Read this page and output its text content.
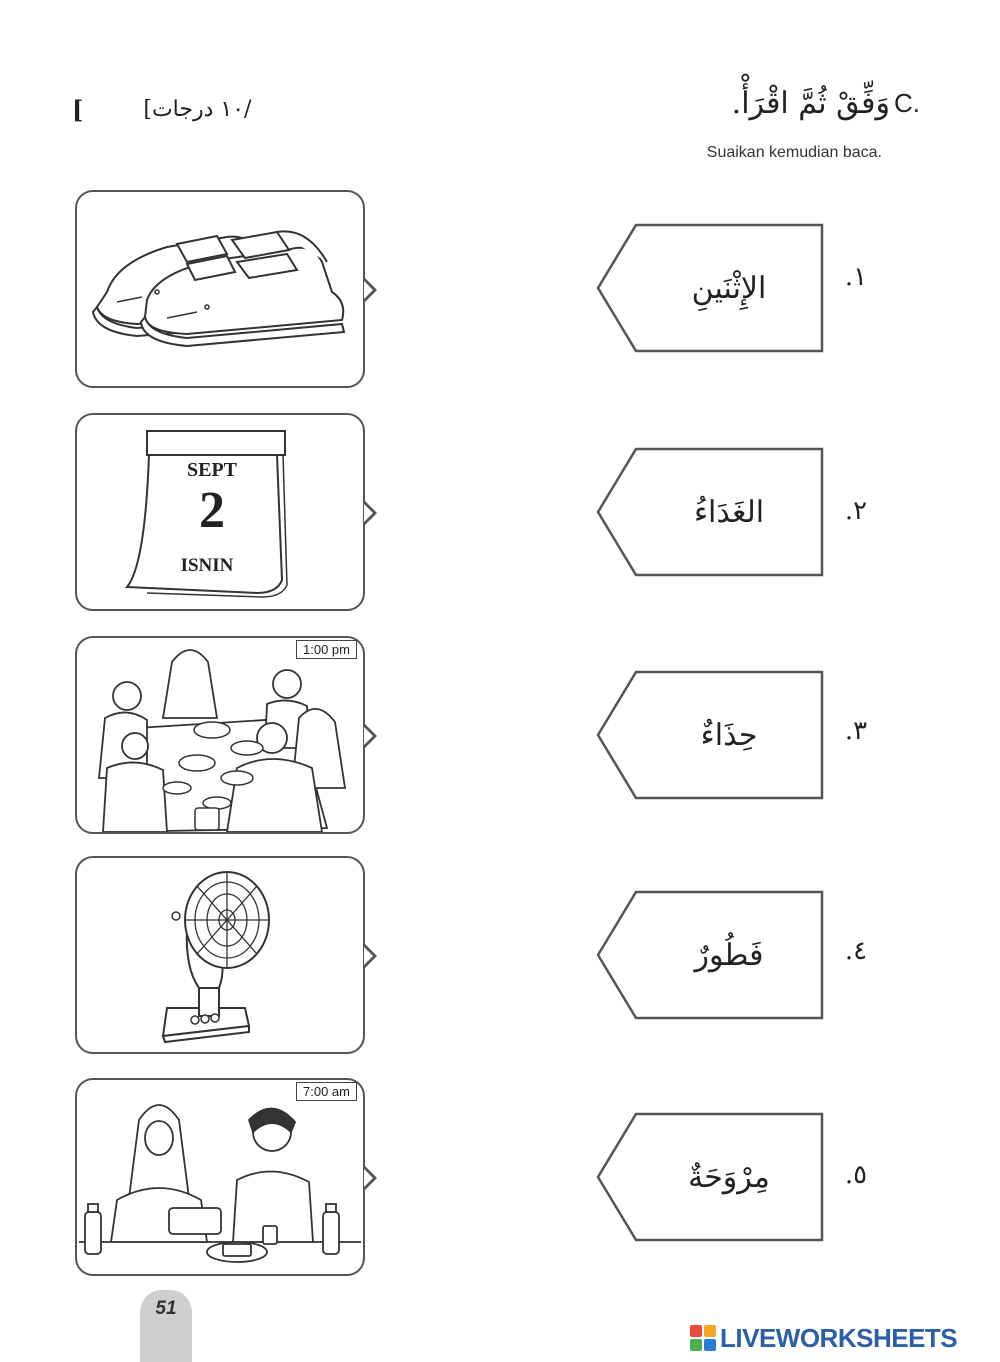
وَفِّقْ ثُمَّ اقْرَأْ. C.
Suaikan kemudian baca.
[	/١٠ درجات]
SEPT
2
ISNIN
1:00 pm
7:00 am
الإِثْنَينِ	١.
الغَدَاءُ	٢.
حِذَاءٌ	٣.
فَطُورٌ	٤.
مِرْوَحَةٌ	٥.
51
LIVEWORKSHEETS
